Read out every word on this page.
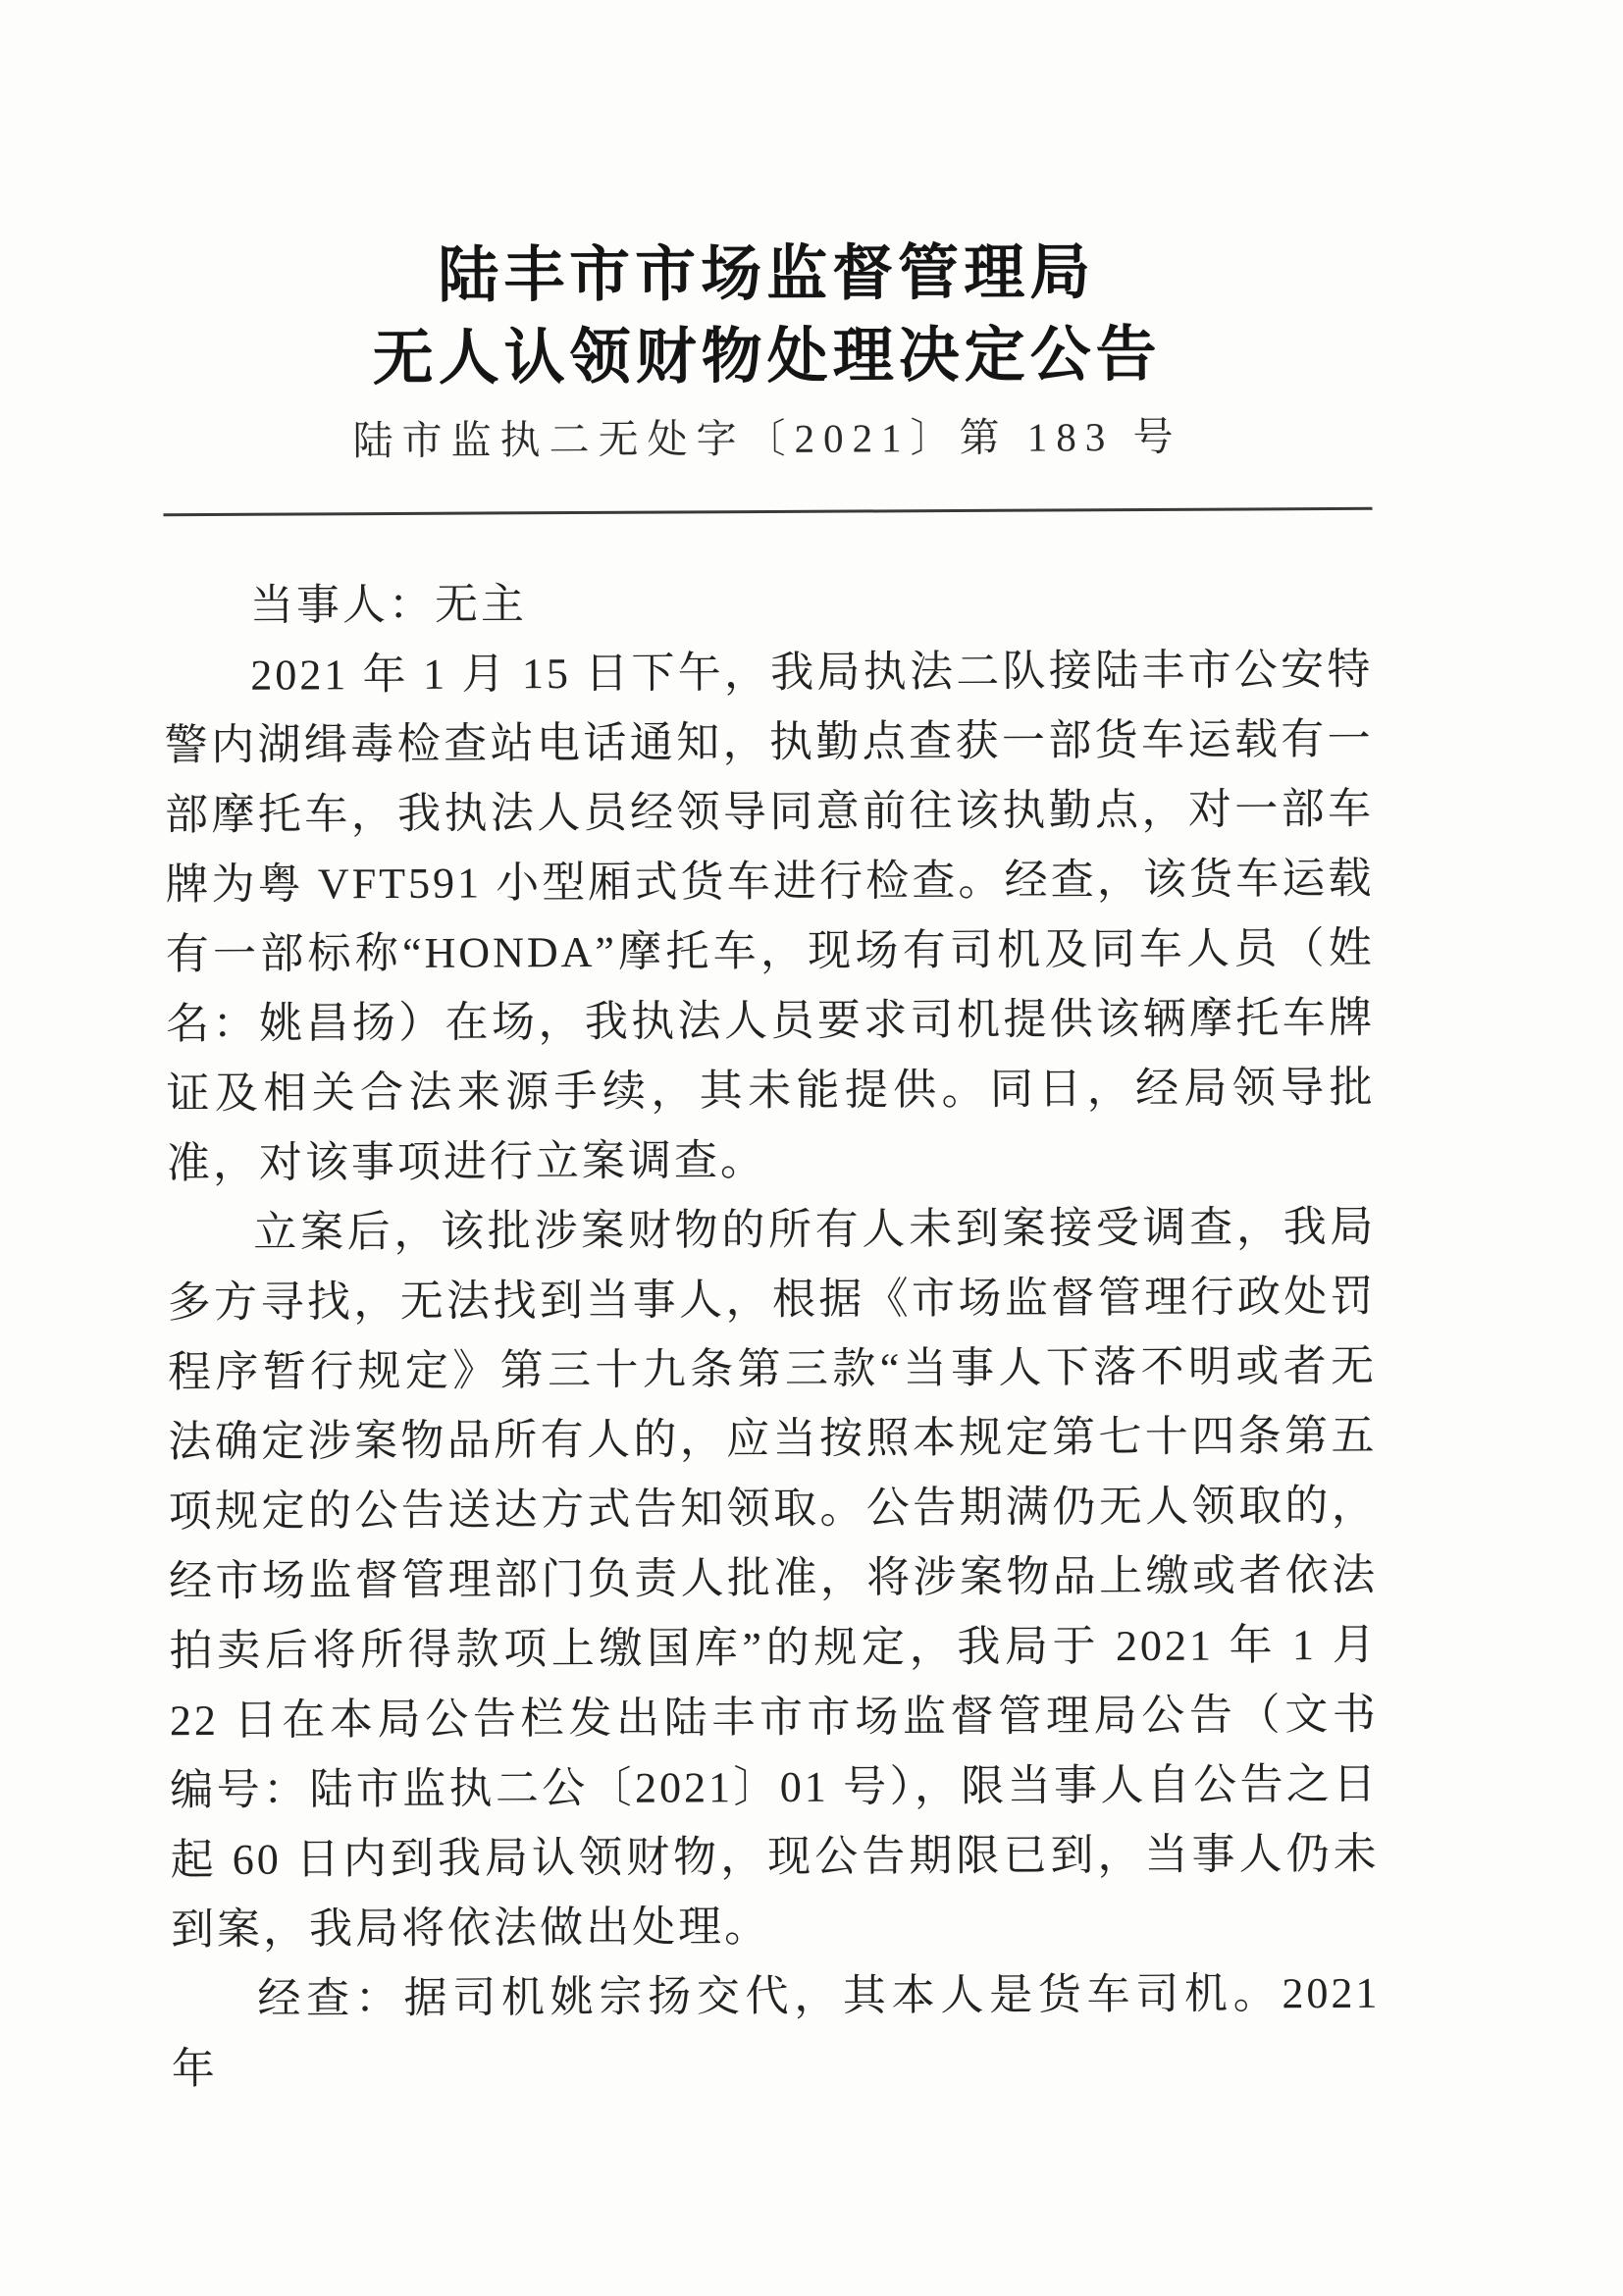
陆丰市市场监督管理局
无人认领财物处理决定公告
陆市监执二无处字〔2021〕第 183 号

当事人：无主

2021 年 1 月 15 日下午，我局执法二队接陆丰市公安特警内湖缉毒检查站电话通知，执勤点查获一部货车运载有一部摩托车，我执法人员经领导同意前往该执勤点，对一部车牌为粤 VFT591 小型厢式货车进行检查。经查，该货车运载有一部标称“HONDA”摩托车，现场有司机及同车人员（姓名：姚昌扬）在场，我执法人员要求司机提供该辆摩托车牌证及相关合法来源手续，其未能提供。同日，经局领导批准，对该事项进行立案调查。

立案后，该批涉案财物的所有人未到案接受调查，我局多方寻找，无法找到当事人，根据《市场监督管理行政处罚程序暂行规定》第三十九条第三款“当事人下落不明或者无法确定涉案物品所有人的，应当按照本规定第七十四条第五项规定的公告送达方式告知领取。公告期满仍无人领取的，经市场监督管理部门负责人批准，将涉案物品上缴或者依法拍卖后将所得款项上缴国库”的规定，我局于 2021 年 1 月 22 日在本局公告栏发出陆丰市市场监督管理局公告（文书编号：陆市监执二公〔2021〕01 号），限当事人自公告之日起 60 日内到我局认领财物，现公告期限已到，当事人仍未到案，我局将依法做出处理。

经查：据司机姚宗扬交代，其本人是货车司机。2021 年
